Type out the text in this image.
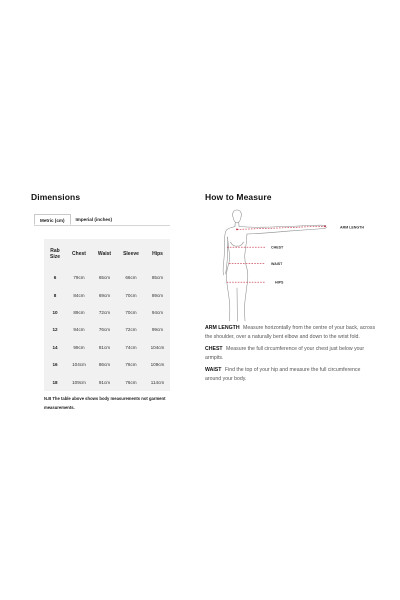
Dimensions
Metric (cm)	Imperial (inches)
Rab Size	Chest	Waist	Sleeve	Hips
6	79cm	65cm	66cm	85cm
8	84cm	69cm	70cm	89cm
10	89cm	72cm	70cm	94cm
12	94cm	76cm	72cm	99cm
14	99cm	81cm	74cm	104cm
16	104cm	86cm	76cm	109cm
18	109cm	91cm	76cm	114cm
N.B The table above shows body measurements not garment measurements.
How to Measure
ARM LENGTH
CHEST
WAIST
HIPS

ARM LENGTH Measure horizontally from the centre of your back, across the shoulder, over a naturally bent elbow and down to the wrist fold.

CHEST Measure the full circumference of your chest just below your armpits.

WAIST Find the top of your hip and measure the full circumference around your body.
